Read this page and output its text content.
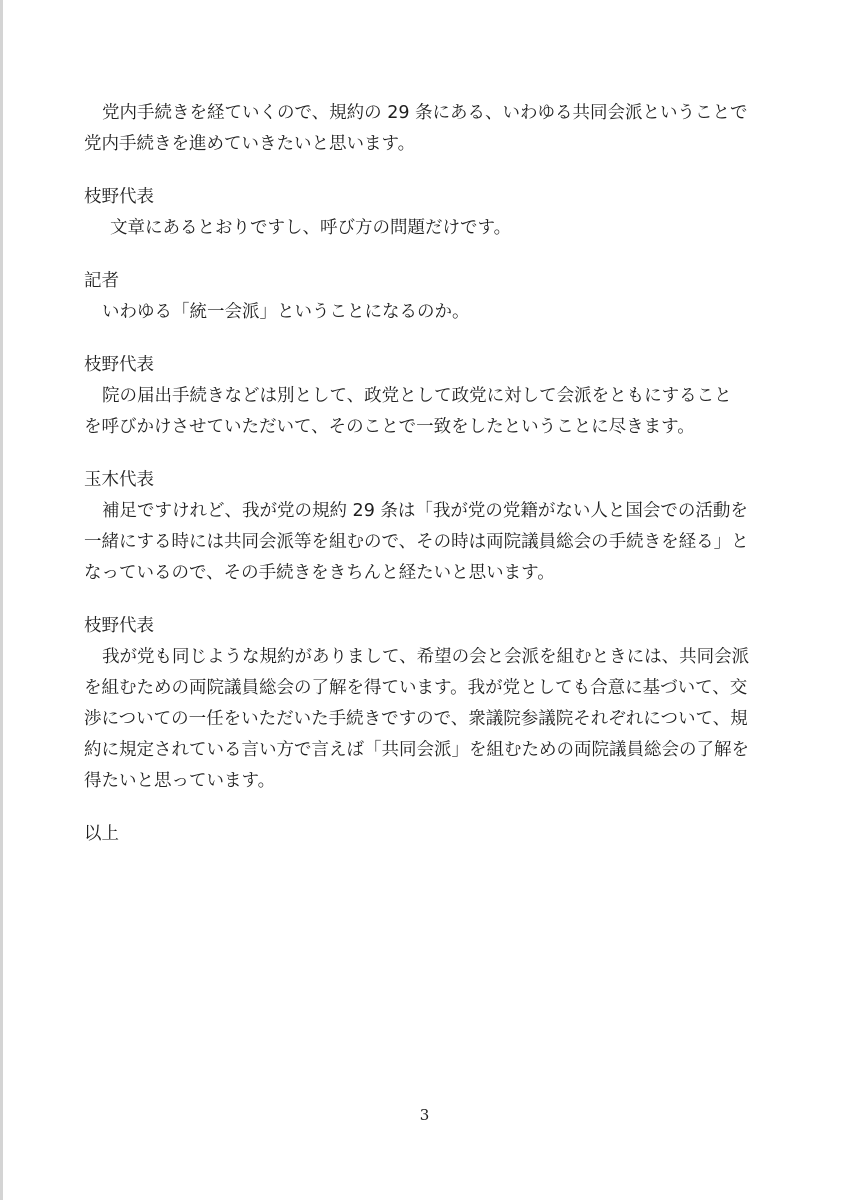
党内手続きを経ていくので、規約の 29 条にある、いわゆる共同会派ということで
党内手続きを進めていきたいと思います。
枝野代表
文章にあるとおりですし、呼び方の問題だけです。
記者
いわゆる「統一会派」ということになるのか。
枝野代表
院の届出手続きなどは別として、政党として政党に対して会派をともにすること
を呼びかけさせていただいて、そのことで一致をしたということに尽きます。
玉木代表
補足ですけれど、我が党の規約 29 条は「我が党の党籍がない人と国会での活動を
一緒にする時には共同会派等を組むので、その時は両院議員総会の手続きを経る」と
なっているので、その手続きをきちんと経たいと思います。
枝野代表
我が党も同じような規約がありまして、希望の会と会派を組むときには、共同会派
を組むための両院議員総会の了解を得ています。我が党としても合意に基づいて、交
渉についての一任をいただいた手続きですので、衆議院参議院それぞれについて、規
約に規定されている言い方で言えば「共同会派」を組むための両院議員総会の了解を
得たいと思っています。
以上
3
